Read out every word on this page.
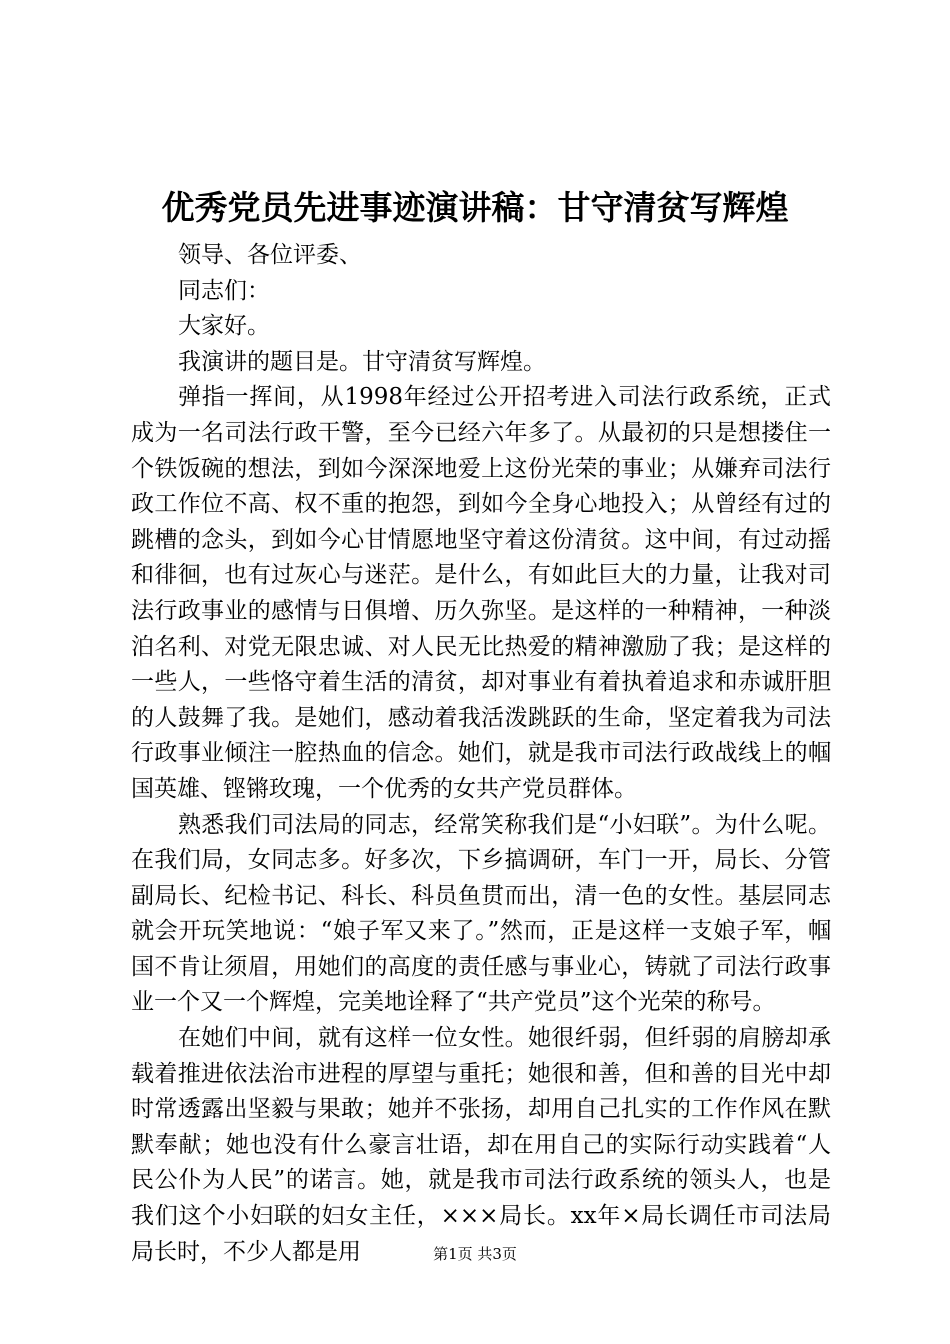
优秀党员先进事迹演讲稿：甘守清贫写辉煌

领导、各位评委、

同志们：

大家好。

我演讲的题目是。甘守清贫写辉煌。

弹指一挥间，从1998年经过公开招考进入司法行政系统，正式成为一名司法行政干警，至今已经六年多了。从最初的只是想搂住一个铁饭碗的想法，到如今深深地爱上这份光荣的事业；从嫌弃司法行政工作位不高、权不重的抱怨，到如今全身心地投入；从曾经有过的跳槽的念头，到如今心甘情愿地坚守着这份清贫。这中间，有过动摇和徘徊，也有过灰心与迷茫。是什么，有如此巨大的力量，让我对司法行政事业的感情与日俱增、历久弥坚。是这样的一种精神，一种淡泊名利、对党无限忠诚、对人民无比热爱的精神激励了我；是这样的一些人，一些恪守着生活的清贫，却对事业有着执着追求和赤诚肝胆的人鼓舞了我。是她们，感动着我活泼跳跃的生命，坚定着我为司法行政事业倾注一腔热血的信念。她们，就是我市司法行政战线上的帼国英雄、铿锵玫瑰，一个优秀的女共产党员群体。

熟悉我们司法局的同志，经常笑称我们是“小妇联”。为什么呢。在我们局，女同志多。好多次，下乡搞调研，车门一开，局长、分管副局长、纪检书记、科长、科员鱼贯而出，清一色的女性。基层同志就会开玩笑地说：“娘子军又来了。”然而，正是这样一支娘子军，帼国不肯让须眉，用她们的高度的责任感与事业心，铸就了司法行政事业一个又一个辉煌，完美地诠释了“共产党员”这个光荣的称号。

在她们中间，就有这样一位女性。她很纤弱，但纤弱的肩膀却承载着推进依法治市进程的厚望与重托；她很和善，但和善的目光中却时常透露出坚毅与果敢；她并不张扬，却用自己扎实的工作作风在默默奉献；她也没有什么豪言壮语，却在用自己的实际行动实践着“人民公仆为人民”的诺言。她，就是我市司法行政系统的领头人，也是我们这个小妇联的妇女主任，×××局长。xx年×局长调任市司法局局长时，不少人都是用	第1页 共3页
